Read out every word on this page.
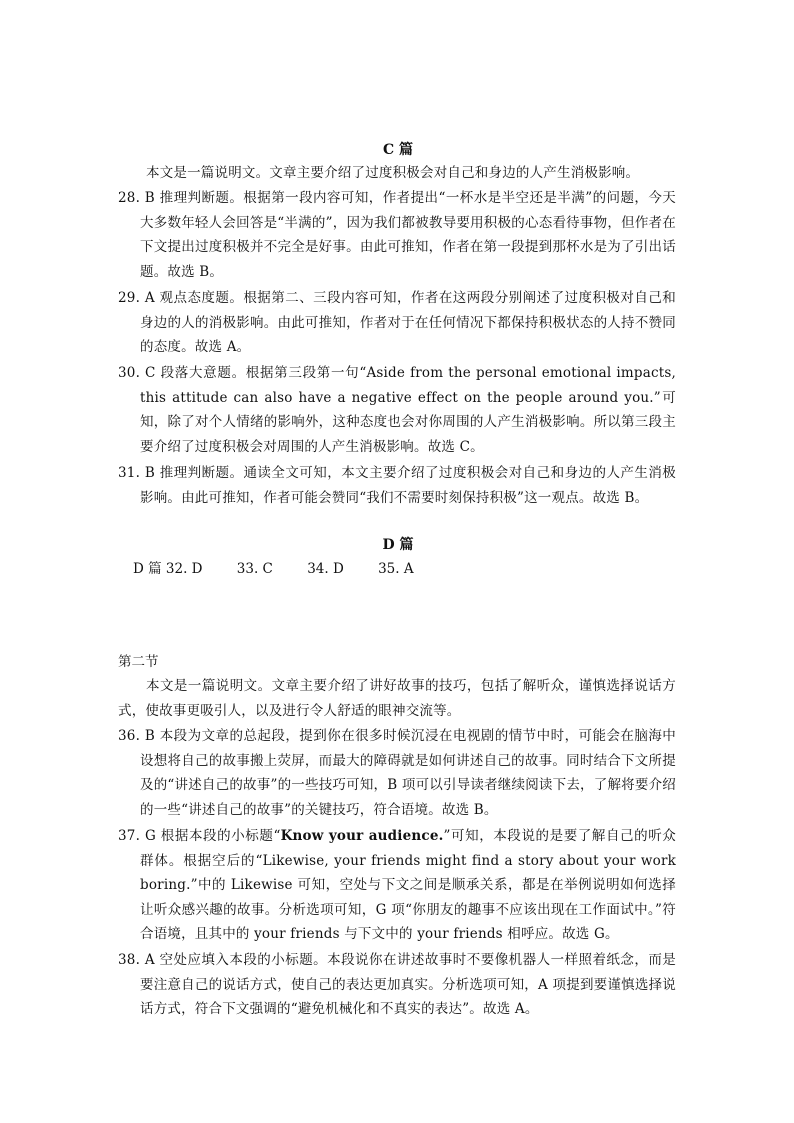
C 篇
本文是一篇说明文。文章主要介绍了过度积极会对自己和身边的人产生消极影响。
28. B 推理判断题。根据第一段内容可知，作者提出“一杯水是半空还是半满”的问题，今天大多数年轻人会回答是“半满的”，因为我们都被教导要用积极的心态看待事物，但作者在下文提出过度积极并不完全是好事。由此可推知，作者在第一段提到那杯水是为了引出话题。故选 B。
29. A 观点态度题。根据第二、三段内容可知，作者在这两段分别阐述了过度积极对自己和身边的人的消极影响。由此可推知，作者对于在任何情况下都保持积极状态的人持不赞同的态度。故选 A。
30. C 段落大意题。根据第三段第一句“Aside from the personal emotional impacts, this attitude can also have a negative effect on the people around you.”可知，除了对个人情绪的影响外，这种态度也会对你周围的人产生消极影响。所以第三段主要介绍了过度积极会对周围的人产生消极影响。故选 C。
31. B 推理判断题。通读全文可知，本文主要介绍了过度积极会对自己和身边的人产生消极影响。由此可推知，作者可能会赞同“我们不需要时刻保持积极”这一观点。故选 B。
D 篇
D 篇 32. D	33. C	34. D	35. A
第二节
本文是一篇说明文。文章主要介绍了讲好故事的技巧，包括了解听众，谨慎选择说话方式，使故事更吸引人，以及进行令人舒适的眼神交流等。
36. B 本段为文章的总起段，提到你在很多时候沉浸在电视剧的情节中时，可能会在脑海中设想将自己的故事搬上荧屏，而最大的障碍就是如何讲述自己的故事。同时结合下文所提及的“讲述自己的故事”的一些技巧可知，B 项可以引导读者继续阅读下去，了解将要介绍的一些“讲述自己的故事”的关键技巧，符合语境。故选 B。
37. G 根据本段的小标题“Know your audience.”可知，本段说的是要了解自己的听众群体。根据空后的“Likewise, your friends might find a story about your work boring.”中的 Likewise 可知，空处与下文之间是顺承关系，都是在举例说明如何选择让听众感兴趣的故事。分析选项可知，G 项“你朋友的趣事不应该出现在工作面试中。”符合语境，且其中的 your friends 与下文中的 your friends 相呼应。故选 G。
38. A 空处应填入本段的小标题。本段说你在讲述故事时不要像机器人一样照着纸念，而是要注意自己的说话方式，使自己的表达更加真实。分析选项可知，A 项提到要谨慎选择说话方式，符合下文强调的“避免机械化和不真实的表达”。故选 A。
